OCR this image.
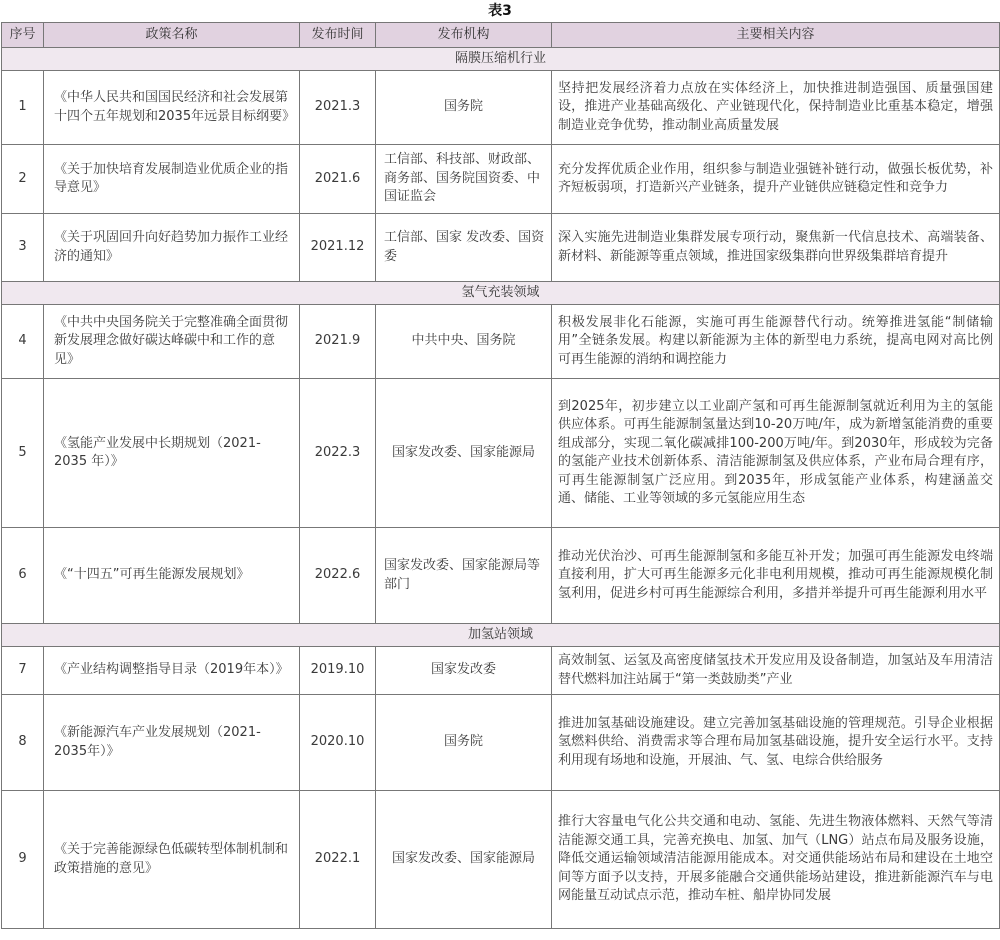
表3
序号	政策名称	发布时间	发布机构	主要相关内容
隔膜压缩机行业				
1	《中华人民共和国国民经济和社会发展第十四个五年规划和2035年远景目标纲要》	2021.3	国务院	坚持把发展经济着力点放在实体经济上，加快推进制造强国、质量强国建设，推进产业基础高级化、产业链现代化，保持制造业比重基本稳定，增强制造业竞争优势，推动制业高质量发展
2	《关于加快培育发展制造业优质企业的指导意见》	2021.6	工信部、科技部、财政部、商务部、国务院国资委、中国证监会	充分发挥优质企业作用，组织参与制造业强链补链行动，做强长板优势，补齐短板弱项，打造新兴产业链条，提升产业链供应链稳定性和竞争力
3	《关于巩固回升向好趋势加力振作工业经济的通知》	2021.12	工信部、国家 发改委、国资委	深入实施先进制造业集群发展专项行动，聚焦新一代信息技术、高端装备、新材料、新能源等重点领域，推进国家级集群向世界级集群培育提升
氢气充装领域				
4	《中共中央国务院关于完整准确全面贯彻新发展理念做好碳达峰碳中和工作的意见》	2021.9	中共中央、国务院	积极发展非化石能源，实施可再生能源替代行动。统筹推进氢能“制储输用”全链条发展。构建以新能源为主体的新型电力系统，提高电网对高比例可再生能源的消纳和调控能力
5	《氢能产业发展中长期规划（2021-2035 年）》	2022.3	国家发改委、国家能源局	到2025年，初步建立以工业副产氢和可再生能源制氢就近利用为主的氢能供应体系。可再生能源制氢量达到10-20万吨/年，成为新增氢能消费的重要组成部分，实现二氧化碳减排100-200万吨/年。到2030年，形成较为完备的氢能产业技术创新体系、清洁能源制氢及供应体系，产业布局合理有序，可再生能源制氢广泛应用。到2035年，形成氢能产业体系，构建涵盖交通、储能、工业等领域的多元氢能应用生态
6	《“十四五”可再生能源发展规划》	2022.6	国家发改委、国家能源局等部门	推动光伏治沙、可再生能源制氢和多能互补开发；加强可再生能源发电终端直接利用，扩大可再生能源多元化非电利用规模，推动可再生能源规模化制氢利用，促进乡村可再生能源综合利用，多措并举提升可再生能源利用水平
加氢站领域				
7	《产业结构调整指导目录（2019年本）》	2019.10	国家发改委	高效制氢、运氢及高密度储氢技术开发应用及设备制造，加氢站及车用清洁替代燃料加注站属于“第一类鼓励类”产业
8	《新能源汽车产业发展规划（2021-2035年）》	2020.10	国务院	推进加氢基础设施建设。建立完善加氢基础设施的管理规范。引导企业根据氢燃料供给、消费需求等合理布局加氢基础设施，提升安全运行水平。支持利用现有场地和设施，开展油、气、氢、电综合供给服务
9	《关于完善能源绿色低碳转型体制机制和政策措施的意见》	2022.1	国家发改委、国家能源局	推行大容量电气化公共交通和电动、氢能、先进生物液体燃料、天然气等清洁能源交通工具，完善充换电、加氢、加气（LNG）站点布局及服务设施，降低交通运输领域清洁能源用能成本。对交通供能场站布局和建设在土地空间等方面予以支持，开展多能融合交通供能场站建设，推进新能源汽车与电网能量互动试点示范，推动车桩、船岸协同发展
